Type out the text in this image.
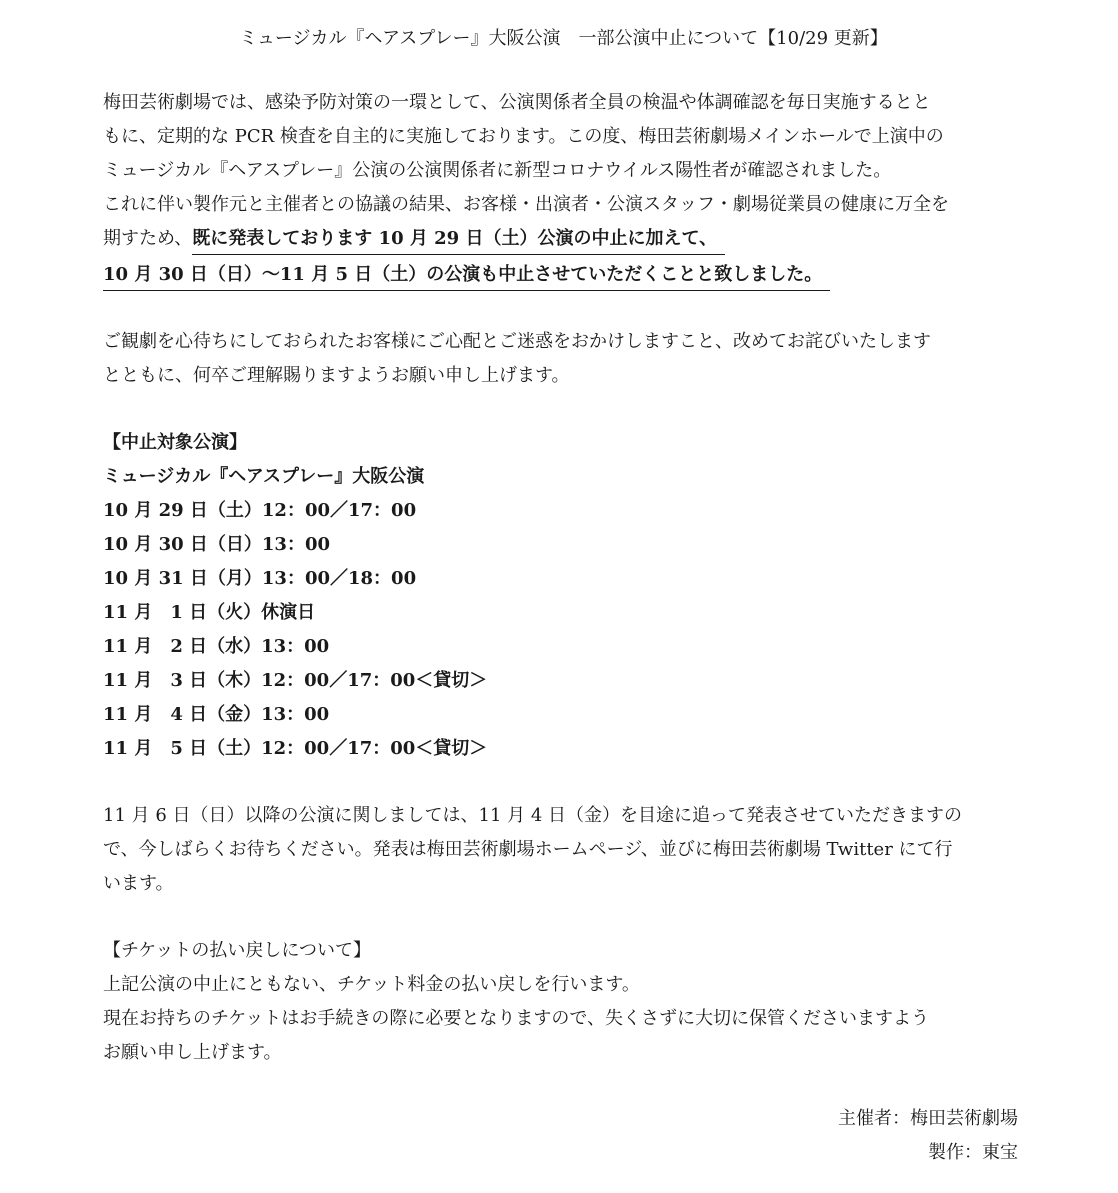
ミュージカル『ヘアスプレー』大阪公演　一部公演中止について【10/29 更新】

梅田芸術劇場では、感染予防対策の一環として、公演関係者全員の検温や体調確認を毎日実施するとと

もに、定期的な PCR 検査を自主的に実施しております。この度、梅田芸術劇場メインホールで上演中の

ミュージカル『ヘアスプレー』公演の公演関係者に新型コロナウイルス陽性者が確認されました。

これに伴い製作元と主催者との協議の結果、お客様・出演者・公演スタッフ・劇場従業員の健康に万全を

期すため、既に発表しております 10 月 29 日（土）公演の中止に加えて、

10 月 30 日（日）〜11 月 5 日（土）の公演も中止させていただくことと致しました。

ご観劇を心待ちにしておられたお客様にご心配とご迷惑をおかけしますこと、改めてお詫びいたします

とともに、何卒ご理解賜りますようお願い申し上げます。

【中止対象公演】

ミュージカル『ヘアスプレー』大阪公演

10 月 29 日（土）12：00／17：00

10 月 30 日（日）13：00

10 月 31 日（月）13：00／18：00

11 月　1 日（火）休演日

11 月　2 日（水）13：00

11 月　3 日（木）12：00／17：00＜貸切＞

11 月　4 日（金）13：00

11 月　5 日（土）12：00／17：00＜貸切＞

11 月 6 日（日）以降の公演に関しましては、11 月 4 日（金）を目途に追って発表させていただきますの

で、今しばらくお待ちください。発表は梅田芸術劇場ホームページ、並びに梅田芸術劇場 Twitter にて行

います。

【チケットの払い戻しについて】

上記公演の中止にともない、チケット料金の払い戻しを行います。

現在お持ちのチケットはお手続きの際に必要となりますので、失くさずに大切に保管くださいますよう

お願い申し上げます。

主催者：梅田芸術劇場

製作：東宝
